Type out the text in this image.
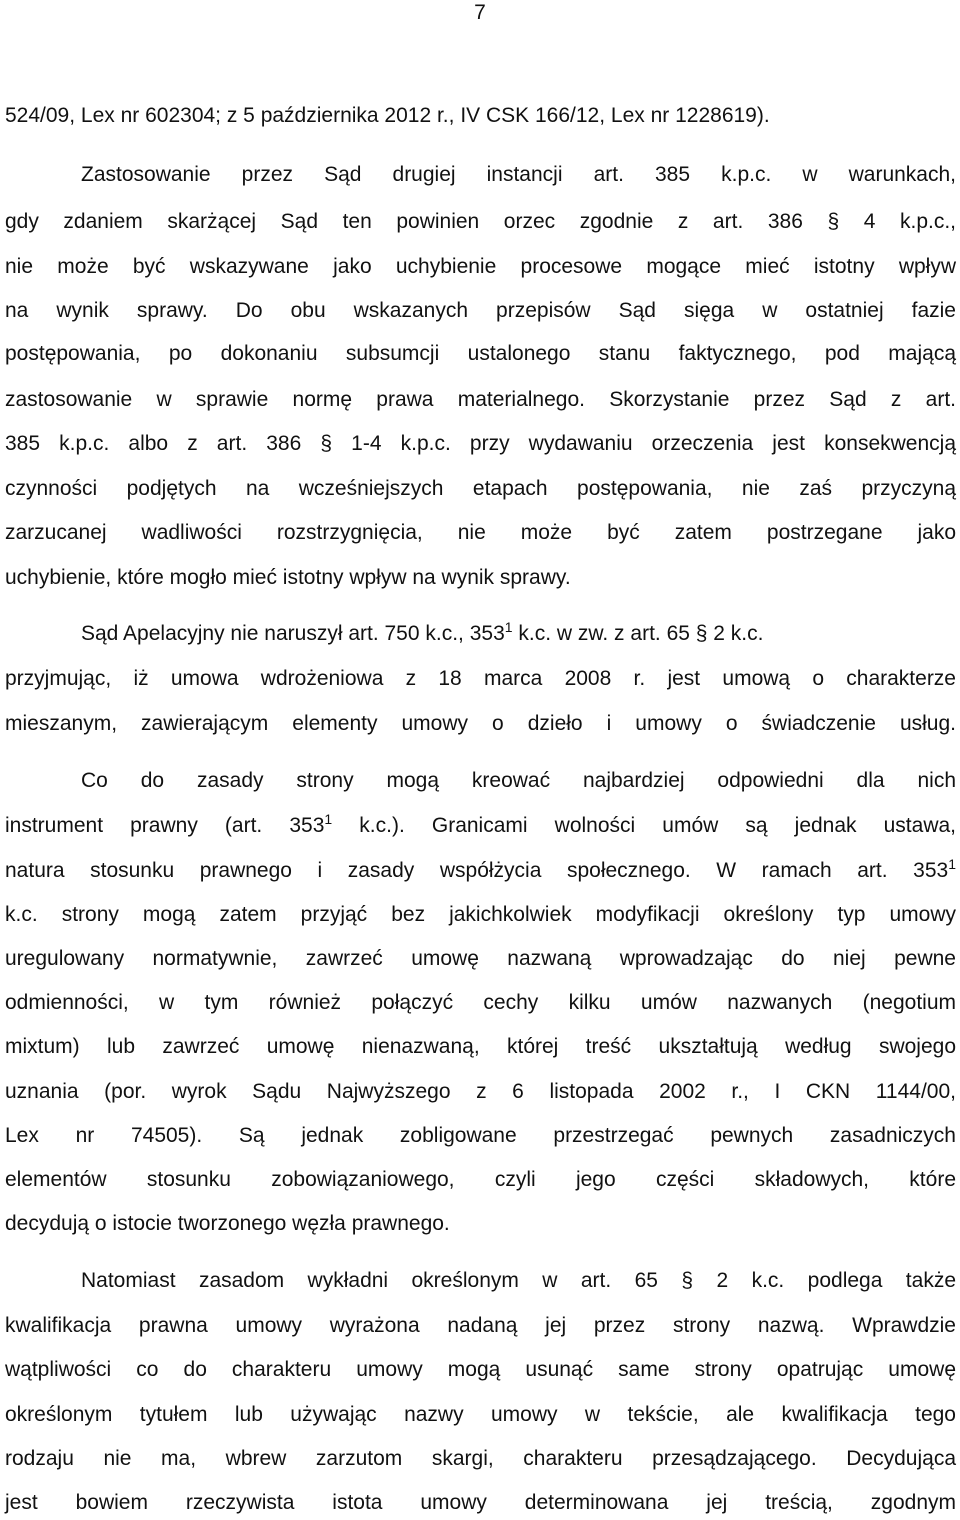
7
524/09, Lex nr 602304; z 5 października 2012 r., IV CSK 166/12, Lex nr 1228619).
Zastosowanie przez Sąd drugiej instancji art. 385 k.p.c. w warunkach,
gdy zdaniem skarżącej Sąd ten powinien orzec zgodnie z art. 386 § 4 k.p.c.,
nie może być wskazywane jako uchybienie procesowe mogące mieć istotny wpływ
na wynik sprawy. Do obu wskazanych przepisów Sąd sięga w ostatniej fazie
postępowania, po dokonaniu subsumcji ustalonego stanu faktycznego, pod mającą
zastosowanie w sprawie normę prawa materialnego. Skorzystanie przez Sąd z art.
385 k.p.c. albo z art. 386 § 1-4 k.p.c. przy wydawaniu orzeczenia jest konsekwencją
czynności podjętych na wcześniejszych etapach postępowania, nie zaś przyczyną
zarzucanej wadliwości rozstrzygnięcia, nie może być zatem postrzegane jako
uchybienie, które mogło mieć istotny wpływ na wynik sprawy.
Sąd Apelacyjny nie naruszył art. 750 k.c., $353^1$ k.c. w zw. z art. 65 § 2 k.c.
przyjmując, iż umowa wdrożeniowa z 18 marca 2008 r. jest umową o charakterze
mieszanym, zawierającym elementy umowy o dzieło i umowy o świadczenie usług.
Co do zasady strony mogą kreować najbardziej odpowiedni dla nich
instrument prawny (art. $353^1$ k.c.). Granicami wolności umów są jednak ustawa,
natura stosunku prawnego i zasady współżycia społecznego. W ramach art. $353^1$
k.c. strony mogą zatem przyjąć bez jakichkolwiek modyfikacji określony typ umowy
uregulowany normatywnie, zawrzeć umowę nazwaną wprowadzając do niej pewne
odmienności, w tym również połączyć cechy kilku umów nazwanych (negotium
mixtum) lub zawrzeć umowę nienazwaną, której treść ukształtują według swojego
uznania (por. wyrok Sądu Najwyższego z 6 listopada 2002 r., I CKN 1144/00,
Lex nr 74505). Są jednak zobligowane przestrzegać pewnych zasadniczych
elementów stosunku zobowiązaniowego, czyli jego części składowych, które
decydują o istocie tworzonego węzła prawnego.
Natomiast zasadom wykładni określonym w art. 65 § 2 k.c. podlega także
kwalifikacja prawna umowy wyrażona nadaną jej przez strony nazwą. Wprawdzie
wątpliwości co do charakteru umowy mogą usunąć same strony opatrując umowę
określonym tytułem lub używając nazwy umowy w tekście, ale kwalifikacja tego
rodzaju nie ma, wbrew zarzutom skargi, charakteru przesądzającego. Decydująca
jest bowiem rzeczywista istota umowy determinowana jej treścią, zgodnym
